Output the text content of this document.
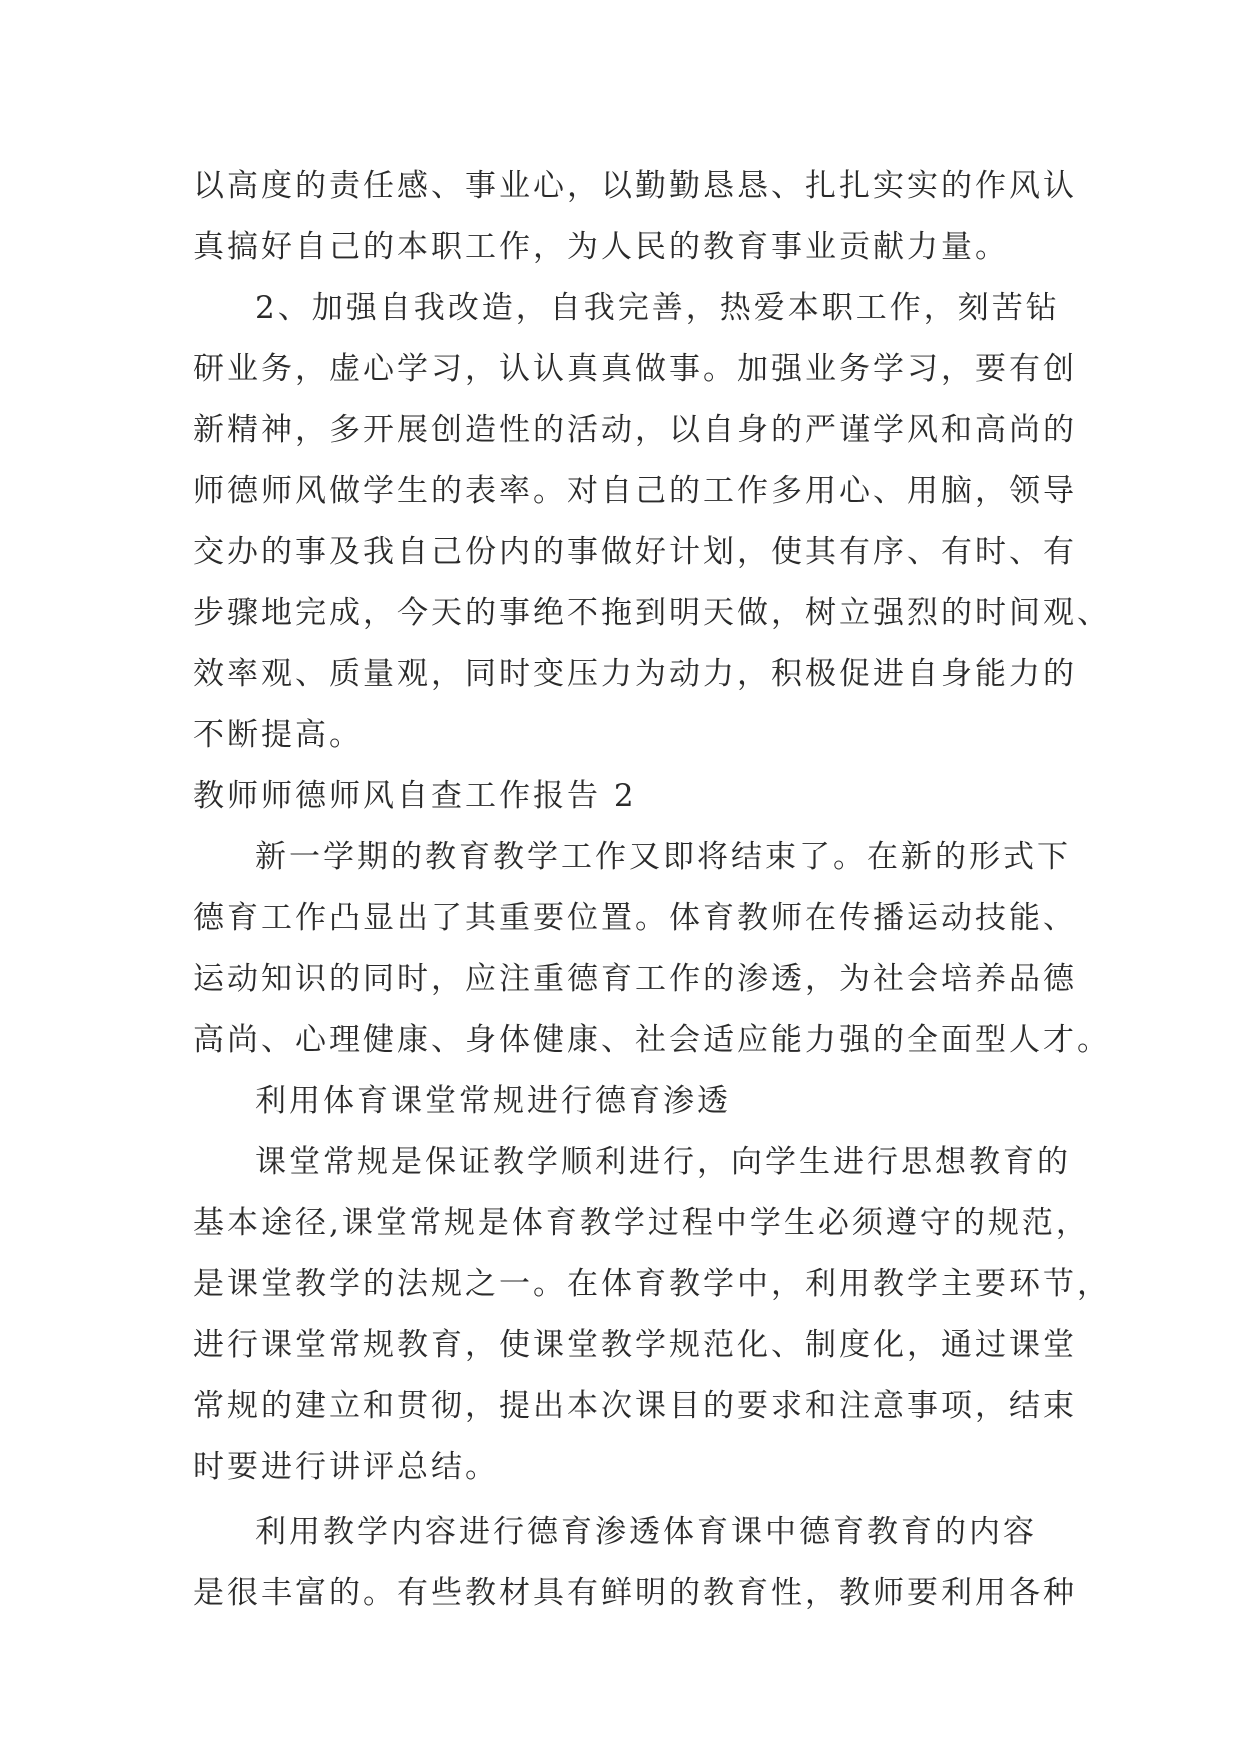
以高度的责任感、事业心，以勤勤恳恳、扎扎实实的作风认
真搞好自己的本职工作，为人民的教育事业贡献力量。
2、加强自我改造，自我完善，热爱本职工作，刻苦钻
研业务，虚心学习，认认真真做事。加强业务学习，要有创
新精神，多开展创造性的活动，以自身的严谨学风和高尚的
师德师风做学生的表率。对自己的工作多用心、用脑，领导
交办的事及我自己份内的事做好计划，使其有序、有时、有
步骤地完成，今天的事绝不拖到明天做，树立强烈的时间观、
效率观、质量观，同时变压力为动力，积极促进自身能力的
不断提高。
教师师德师风自查工作报告 2
新一学期的教育教学工作又即将结束了。在新的形式下
德育工作凸显出了其重要位置。体育教师在传播运动技能、
运动知识的同时，应注重德育工作的渗透，为社会培养品德
高尚、心理健康、身体健康、社会适应能力强的全面型人才。
利用体育课堂常规进行德育渗透
课堂常规是保证教学顺利进行，向学生进行思想教育的
基本途径,课堂常规是体育教学过程中学生必须遵守的规范，
是课堂教学的法规之一。在体育教学中，利用教学主要环节，
进行课堂常规教育，使课堂教学规范化、制度化，通过课堂
常规的建立和贯彻，提出本次课目的要求和注意事项，结束
时要进行讲评总结。
利用教学内容进行德育渗透体育课中德育教育的内容
是很丰富的。有些教材具有鲜明的教育性，教师要利用各种
